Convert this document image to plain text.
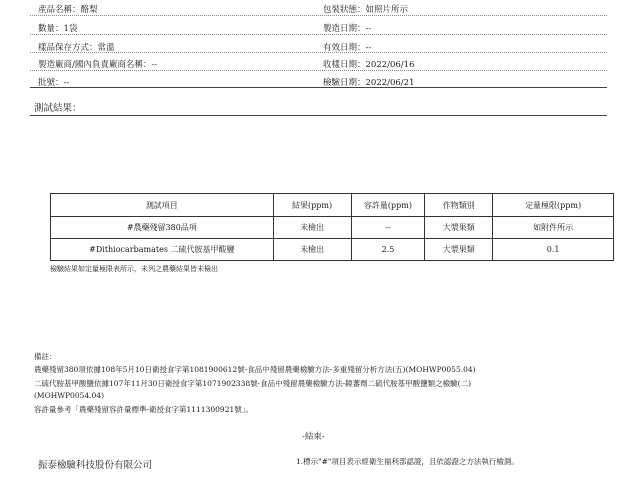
產品名稱：酪梨
數量：1袋
樣品保存方式：常溫
製造廠商/國內負責廠商名稱：--
批號：--
包裝狀態：如照片所示
製造日期：--
有效日期：--
收樣日期：2022/06/16
檢驗日期：2022/06/21
測試結果：
測試項目	結果(ppm)	容許量(ppm)	作物類別	定量極限(ppm)
#農藥殘留380品項	未檢出	--	大漿果類	如附件所示
#Dithiocarbamates 二硫代胺基甲酸鹽	未檢出	2.5	大漿果類	0.1
檢驗結果如定量極限表所示，未列之農藥結果皆未檢出
備註：
農藥殘留380項依據108年5月10日衛授食字第1081900612號-食品中殘留農藥檢驗方法-多重殘留分析方法(五)(MOHWP0055.04)
二硫代胺基甲酸鹽依據107年11月30日衛授食字第1071902338號-食品中殘留農藥檢驗方法-鏡蕃劑二硫代胺基甲酸鹽類之檢驗(二)
(MOHWP0054.04)
容許量參考「農藥殘留容許量標準-衛授食字第1111300921號」。
-結束-
振泰檢驗科技股份有限公司	1.標示"#"項目表示經衛生福利部認證，且依認證之方法執行檢測。
